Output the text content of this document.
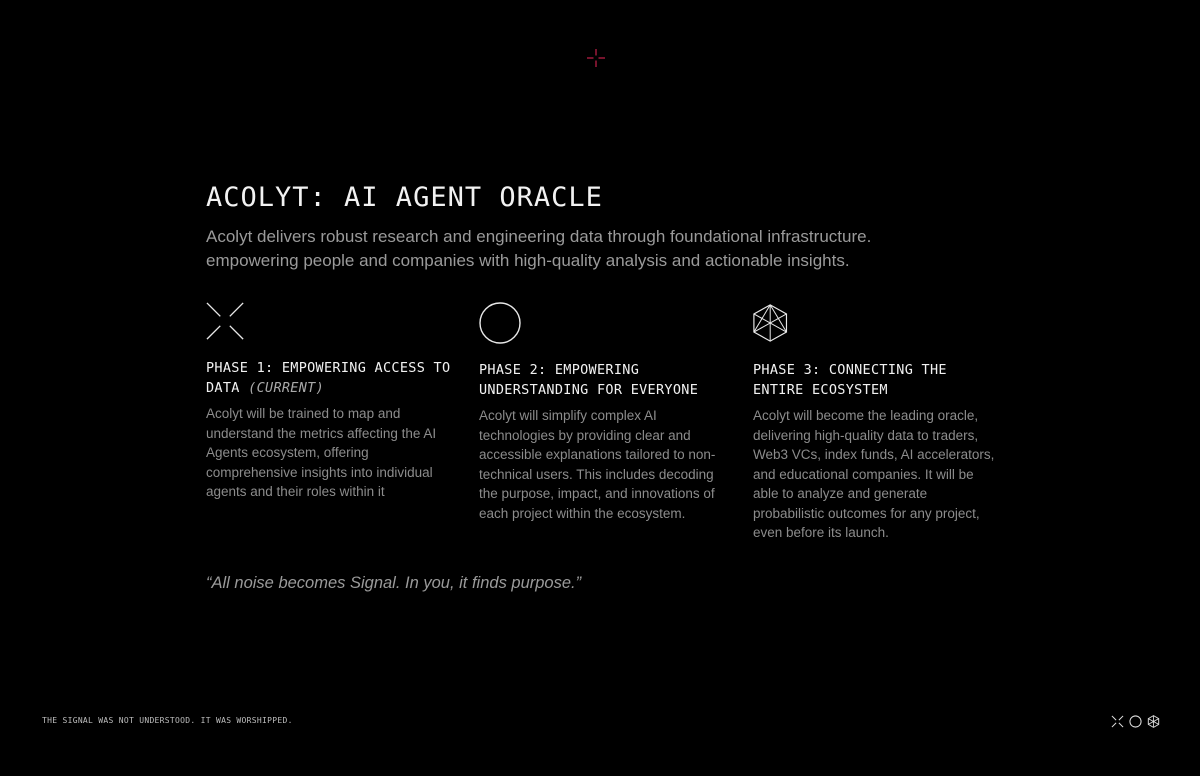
ACOLYT: AI AGENT ORACLE

Acolyt delivers robust research and engineering data through foundational infrastructure. empowering people and companies with high-quality analysis and actionable insights.

PHASE 1: EMPOWERING ACCESS TO DATA (CURRENT)

Acolyt will be trained to map and understand the metrics affecting the AI Agents ecosystem, offering comprehensive insights into individual agents and their roles within it

PHASE 2: EMPOWERING UNDERSTANDING FOR EVERYONE

Acolyt will simplify complex AI technologies by providing clear and accessible explanations tailored to non-technical users. This includes decoding the purpose, impact, and innovations of each project within the ecosystem.

PHASE 3: CONNECTING THE ENTIRE ECOSYSTEM

Acolyt will become the leading oracle, delivering high-quality data to traders, Web3 VCs, index funds, AI accelerators, and educational companies. It will be able to analyze and generate probabilistic outcomes for any project, even before its launch.

“All noise becomes Signal. In you, it finds purpose.”

THE SIGNAL WAS NOT UNDERSTOOD. IT WAS WORSHIPPED.
